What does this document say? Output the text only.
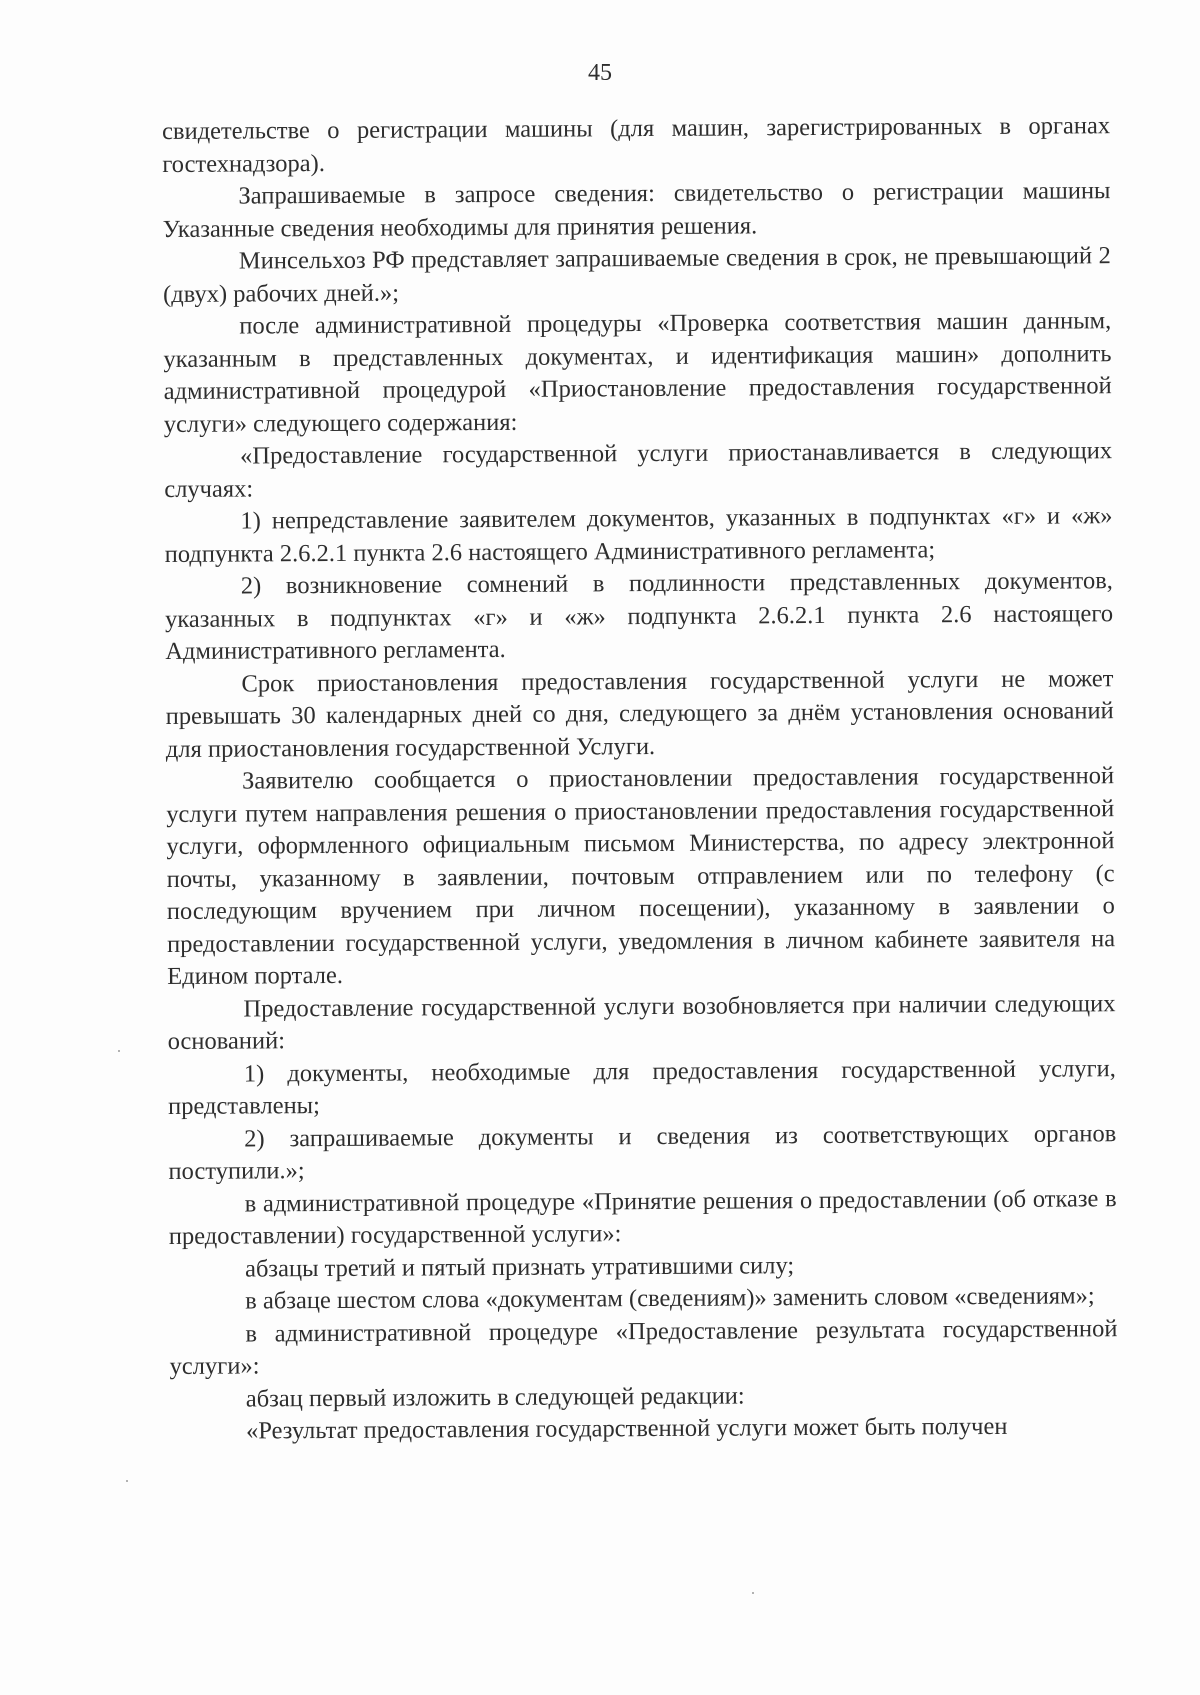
45

свидетельстве о регистрации машины (для машин, зарегистрированных в органах гостехнадзора).

Запрашиваемые в запросе сведения: свидетельство о регистрации машины Указанные сведения необходимы для принятия решения.

Минсельхоз РФ представляет запрашиваемые сведения в срок, не превышающий 2 (двух) рабочих дней.»;

после административной процедуры «Проверка соответствия машин данным, указанным в представленных документах, и идентификация машин» дополнить административной процедурой «Приостановление предоставления государственной услуги» следующего содержания:

«Предоставление государственной услуги приостанавливается в следующих случаях:

1) непредставление заявителем документов, указанных в подпунктах «г» и «ж» подпункта 2.6.2.1 пункта 2.6 настоящего Административного регламента;

2) возникновение сомнений в подлинности представленных документов, указанных в подпунктах «г» и «ж» подпункта 2.6.2.1 пункта 2.6 настоящего Административного регламента.

Срок приостановления предоставления государственной услуги не может превышать 30 календарных дней со дня, следующего за днём установления оснований для приостановления государственной Услуги.

Заявителю сообщается о приостановлении предоставления государственной услуги путем направления решения о приостановлении предоставления государственной услуги, оформленного официальным письмом Министерства, по адресу электронной почты, указанному в заявлении, почтовым отправлением или по телефону (с последующим вручением при личном посещении), указанному в заявлении о предоставлении государственной услуги, уведомления в личном кабинете заявителя на Едином портале.

Предоставление государственной услуги возобновляется при наличии следующих оснований:

1) документы, необходимые для предоставления государственной услуги, представлены;

2) запрашиваемые документы и сведения из соответствующих органов поступили.»;

в административной процедуре «Принятие решения о предоставлении (об отказе в предоставлении) государственной услуги»:

абзацы третий и пятый признать утратившими силу;

в абзаце шестом слова «документам (сведениям)» заменить словом «сведениям»;

в административной процедуре «Предоставление результата государственной услуги»:

абзац первый изложить в следующей редакции:

«Результат предоставления государственной услуги может быть получен
